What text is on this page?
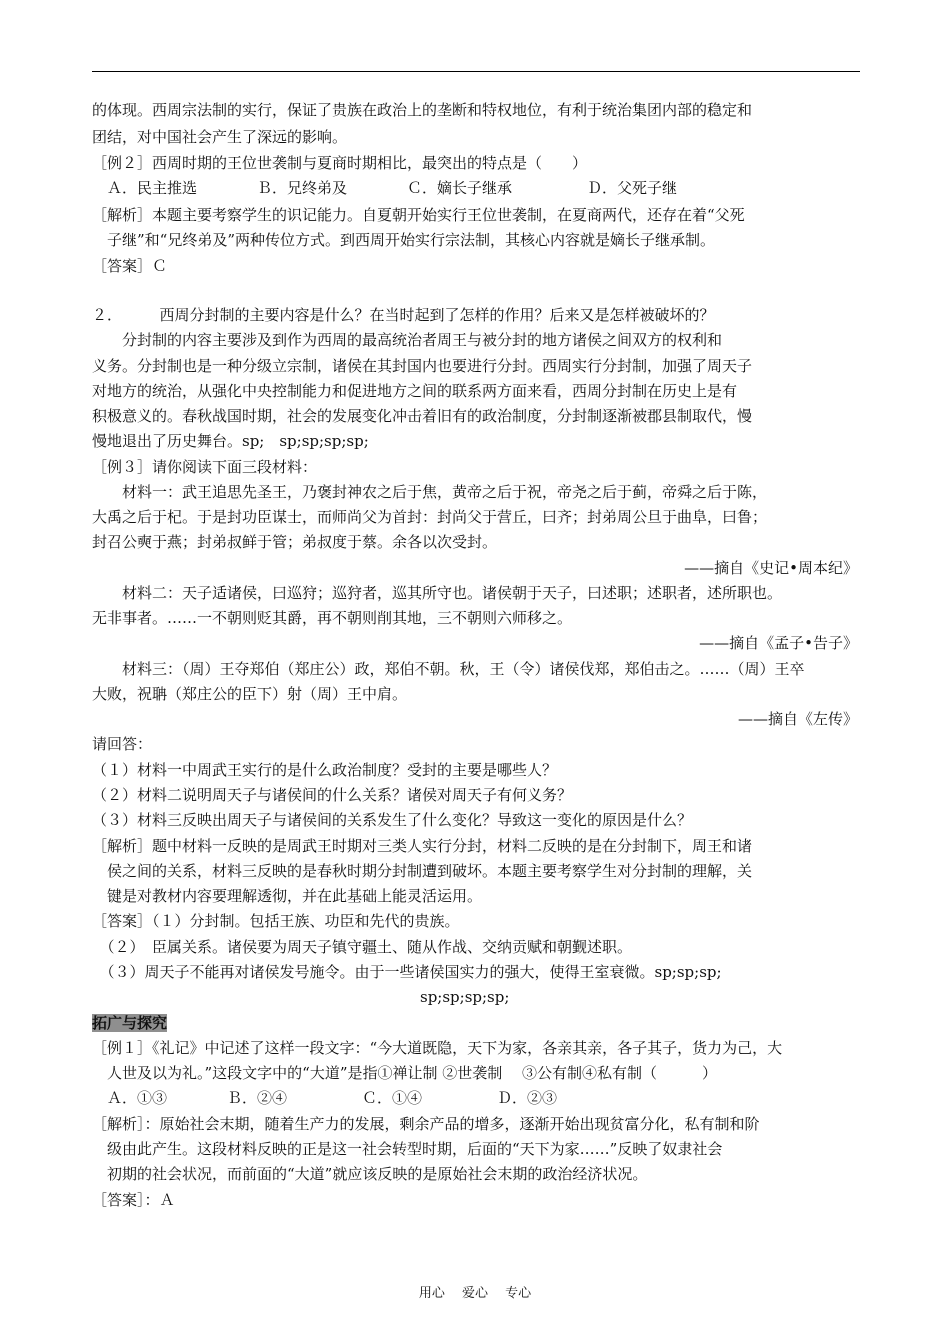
的体现。西周宗法制的实行，保证了贵族在政治上的垄断和特权地位，有利于统治集团内部的稳定和
团结，对中国社会产生了深远的影响。
［例２］西周时期的王位世袭制与夏商时期相比，最突出的特点是（　　）
　Ａ．民主推选　　　　Ｂ．兄终弟及　　　　Ｃ．嫡长子继承　　　　　Ｄ．父死子继
［解析］本题主要考察学生的识记能力。自夏朝开始实行王位世袭制，在夏商两代，还存在着“父死
　子继”和“兄终弟及”两种传位方式。到西周开始实行宗法制，其核心内容就是嫡长子继承制。
［答案］Ｃ
２．　　　西周分封制的主要内容是什么？在当时起到了怎样的作用？后来又是怎样被破坏的？
　　分封制的内容主要涉及到作为西周的最高统治者周王与被分封的地方诸侯之间双方的权利和
义务。分封制也是一种分级立宗制，诸侯在其封国内也要进行分封。西周实行分封制，加强了周天子
对地方的统治，从强化中央控制能力和促进地方之间的联系两方面来看，西周分封制在历史上是有
积极意义的。春秋战国时期，社会的发展变化冲击着旧有的政治制度，分封制逐渐被郡县制取代，慢
慢地退出了历史舞台。sp;　sp;sp;sp;sp;
［例３］请你阅读下面三段材料：
　　材料一：武王追思先圣王，乃褒封神农之后于焦，黄帝之后于祝，帝尧之后于蓟，帝舜之后于陈，
大禹之后于杞。于是封功臣谋士，而师尚父为首封：封尚父于营丘，曰齐；封弟周公旦于曲阜，曰鲁；
封召公奭于燕；封弟叔鲜于管；弟叔度于蔡。余各以次受封。
——摘自《史记•周本纪》
　　材料二：天子适诸侯，曰巡狩；巡狩者，巡其所守也。诸侯朝于天子，曰述职；述职者，述所职也。
无非事者。……一不朝则贬其爵，再不朝则削其地，三不朝则六师移之。
——摘自《孟子•告子》
　　材料三：（周）王夺郑伯（郑庄公）政，郑伯不朝。秋，王（令）诸侯伐郑，郑伯击之。……（周）王卒
大败，祝聃（郑庄公的臣下）射（周）王中肩。
——摘自《左传》
请回答：
（１）材料一中周武王实行的是什么政治制度？受封的主要是哪些人？
（２）材料二说明周天子与诸侯间的什么关系？诸侯对周天子有何义务？
（３）材料三反映出周天子与诸侯间的关系发生了什么变化？导致这一变化的原因是什么？
［解析］题中材料一反映的是周武王时期对三类人实行分封，材料二反映的是在分封制下，周王和诸
　侯之间的关系，材料三反映的是春秋时期分封制遭到破坏。本题主要考察学生对分封制的理解，关
　键是对教材内容要理解透彻，并在此基础上能灵活运用。
［答案］（１）分封制。包括王族、功臣和先代的贵族。
　（２）　臣属关系。诸侯要为周天子镇守疆土、随从作战、交纳贡赋和朝觐述职。
　（３）周天子不能再对诸侯发号施令。由于一些诸侯国实力的强大，使得王室衰微。sp;sp;sp;
sp;sp;sp;sp;
拓广与探究
［例１］《礼记》中记述了这样一段文字：“今大道既隐，天下为家，各亲其亲，各子其子，货力为己，大
　人世及以为礼。”这段文字中的“大道”是指①禅让制 ②世袭制　 ③公有制④私有制（　　　）
　Ａ．①③　　　　Ｂ．②④　　　　　Ｃ．①④　　　　　Ｄ．②③
［解析］：原始社会末期，随着生产力的发展，剩余产品的增多，逐渐开始出现贫富分化，私有制和阶
　级由此产生。这段材料反映的正是这一社会转型时期，后面的“天下为家……”反映了奴隶社会
　初期的社会状况，而前面的“大道”就应该反映的是原始社会末期的政治经济状况。
［答案］：Ａ
用心　 爱心　 专心
